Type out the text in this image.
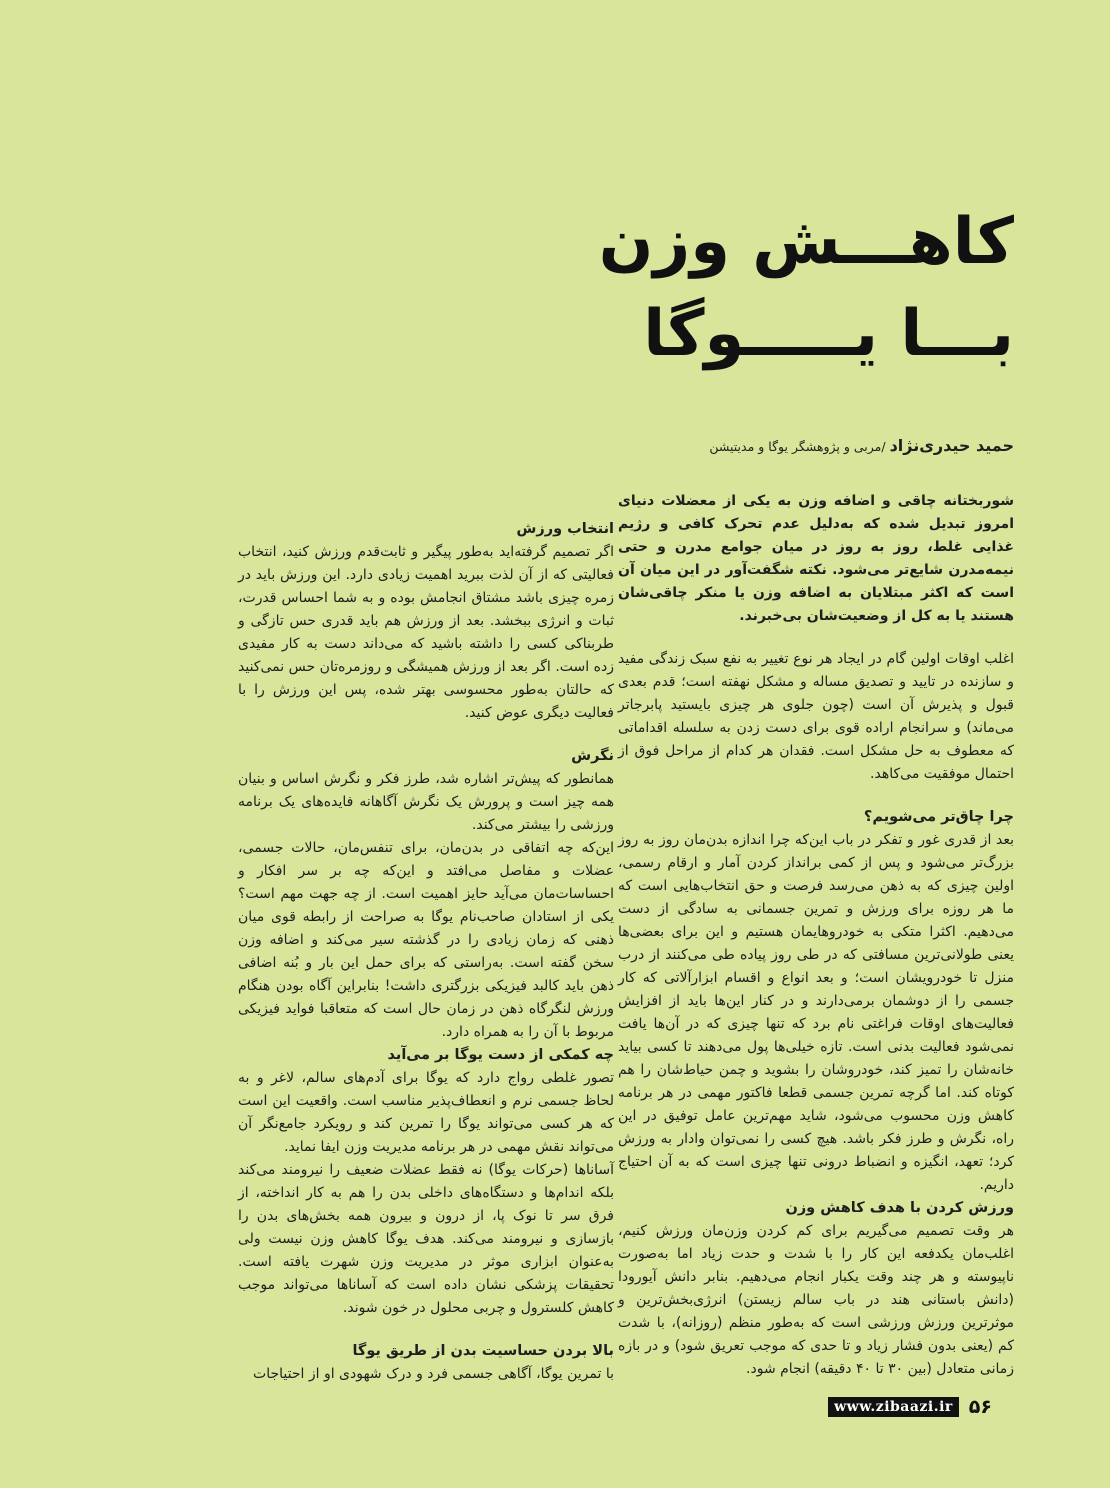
کاهـــش وزن
بـــا یـــــوگا
حمید حیدری‌نژاد /مربی و پژوهشگر یوگا و مدیتیشن

شوربختانه چاقی و اضافه وزن به یکی از معضلات دنیای امروز تبدیل شده که به‌دلیل عدم تحرک کافی و رژیم غذایی غلط، روز به روز در میان جوامع مدرن و حتی نیمه‌مدرن شایع‌تر می‌شود. نکته شگفت‌آور در این میان آن است که اکثر مبتلایان به اضافه وزن یا منکر چاقی‌شان هستند یا به کل از وضعیت‌شان بی‌خبرند.

اغلب اوقات اولین گام در ایجاد هر نوع تغییر به نفع سبک زندگی مفید و سازنده در تایید و تصدیق مساله و مشکل نهفته است؛ قدم بعدی قبول و پذیرش آن است (چون جلوی هر چیزی بایستید پابرجاتر می‌ماند) و سرانجام اراده قوی برای دست زدن به سلسله اقداماتی که معطوف به حل مشکل است. فقدان هر کدام از مراحل فوق از احتمال موفقیت می‌کاهد.

چرا چاق‌تر می‌شویم؟

بعد از قدری غور و تفکر در باب این‌که چرا اندازه بدن‌مان روز به روز بزرگ‌تر می‌شود و پس از کمی برانداز کردن آمار و ارقام رسمی، اولین چیزی که به ذهن می‌رسد فرصت و حق انتخاب‌هایی است که ما هر روزه برای ورزش و تمرین جسمانی به سادگی از دست می‌دهیم. اکثرا متکی به خودروهایمان هستیم و این برای بعضی‌ها یعنی طولانی‌ترین مسافتی که در طی روز پیاده طی می‌کنند از درب منزل تا خودرویشان است؛ و بعد انواع و اقسام ابزارآلاتی که کار جسمی را از دوشمان برمی‌دارند و در کنار این‌ها باید از افزایش فعالیت‌های اوقات فراغتی نام برد که تنها چیزی که در آن‌ها یافت نمی‌شود فعالیت بدنی است. تازه خیلی‌ها پول می‌دهند تا کسی بیاید خانه‌شان را تمیز کند، خودروشان را بشوید و چمن حیاط‌شان را هم کوتاه کند. اما گرچه تمرین جسمی قطعا فاکتور مهمی در هر برنامه کاهش وزن محسوب می‌شود، شاید مهم‌ترین عامل توفیق در این راه، نگرش و طرز فکر باشد. هیچ کسی را نمی‌توان وادار به ورزش کرد؛ تعهد، انگیزه و انضباط درونی تنها چیزی است که به آن احتیاج داریم.

ورزش کردن با هدف کاهش وزن

هر وقت تصمیم می‌گیریم برای کم کردن وزن‌مان ورزش کنیم، اغلب‌مان یکدفعه این کار را با شدت و حدت زیاد اما به‌صورت ناپیوسته و هر چند وقت یکبار انجام می‌دهیم. بنابر دانش آیورودا (دانش باستانی هند در باب سالم زیستن) انرژی‌بخش‌ترین و موثرترین ورزش ورزشی است که به‌طور منظم (روزانه)، با شدت کم (یعنی بدون فشار زیاد و تا حدی که موجب تعریق شود) و در بازه زمانی متعادل (بین ۳۰ تا ۴۰ دقیقه) انجام شود.

انتخاب ورزش

اگر تصمیم گرفته‌اید به‌طور پیگیر و ثابت‌قدم ورزش کنید، انتخاب فعالیتی که از آن لذت ببرید اهمیت زیادی دارد. این ورزش باید در زمره چیزی باشد مشتاق انجامش بوده و به شما احساس قدرت، ثبات و انرژی ببخشد. بعد از ورزش هم باید قدری حس تازگی و طربناکی کسی را داشته باشید که می‌داند دست به کار مفیدی زده است. اگر بعد از ورزش همیشگی و روزمره‌تان حس نمی‌کنید که حالتان به‌طور محسوسی بهتر شده، پس این ورزش را با فعالیت دیگری عوض کنید.

نگرش

همانطور که پیش‌تر اشاره شد، طرز فکر و نگرش اساس و بنیان همه چیز است و پرورش یک نگرش آگاهانه فایده‌های یک برنامه ورزشی را بیشتر می‌کند.

این‌که چه اتفاقی در بدن‌مان، برای تنفس‌مان، حالات جسمی، عضلات و مفاصل می‌افتد و این‌که چه بر سر افکار و احساسات‌مان می‌آید حایز اهمیت است. از چه جهت مهم است؟ یکی از استادان صاحب‌نام یوگا به صراحت از رابطه قوی میان ذهنی که زمان زیادی را در گذشته سیر می‌کند و اضافه وزن سخن گفته است. به‌راستی که برای حمل این بار و بُنه اضافی ذهن باید کالبد فیزیکی بزرگتری داشت! بنابراین آگاه بودن هنگام ورزش لنگرگاه ذهن در زمان حال است که متعاقبا فواید فیزیکی مربوط با آن را به همراه دارد.

چه کمکی از دست یوگا بر می‌آید

تصور غلطی رواج دارد که یوگا برای آدم‌های سالم، لاغر و به لحاظ جسمی نرم و انعطاف‌پذیر مناسب است. واقعیت این است که هر کسی می‌تواند یوگا را تمرین کند و رویکرد جامع‌نگر آن می‌تواند نقش مهمی در هر برنامه مدیریت وزن ایفا نماید.

آساناها (حرکات یوگا) نه فقط عضلات ضعیف را نیرومند می‌کند بلکه اندام‌ها و دستگاه‌های داخلی بدن را هم به کار انداخته، از فرق سر تا نوک پا، از درون و بیرون همه بخش‌های بدن را بازسازی و نیرومند می‌کند. هدف یوگا کاهش وزن نیست ولی به‌عنوان ابزاری موثر در مدیریت وزن شهرت یافته است. تحقیقات پزشکی نشان داده است که آساناها می‌تواند موجب کاهش کلسترول و چربی محلول در خون شوند.

بالا بردن حساسیت بدن از طریق یوگا

با تمرین یوگا، آگاهی جسمی فرد و درک شهودی او از احتیاجات

www.zibaazi.ir ۵۶
